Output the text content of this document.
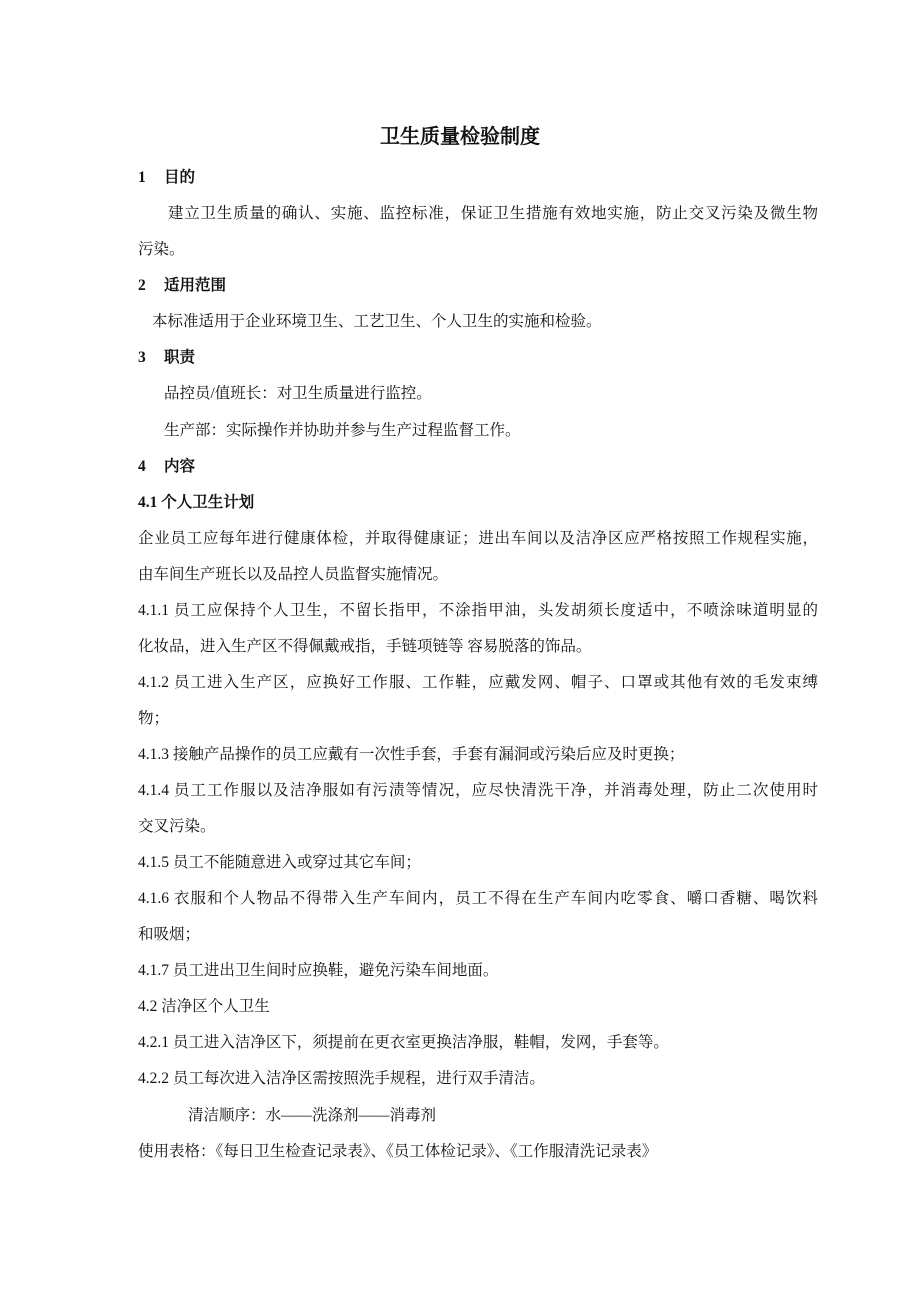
卫生质量检验制度
1 目的
建立卫生质量的确认、实施、监控标准，保证卫生措施有效地实施，防止交叉污染及微生物
污染。
2 适用范围
本标准适用于企业环境卫生、工艺卫生、个人卫生的实施和检验。
3 职责
品控员/值班长：对卫生质量进行监控。
生产部：实际操作并协助并参与生产过程监督工作。
4 内容
4.1 个人卫生计划
企业员工应每年进行健康体检，并取得健康证；进出车间以及洁净区应严格按照工作规程实施，
由车间生产班长以及品控人员监督实施情况。
4.1.1 员工应保持个人卫生，不留长指甲，不涂指甲油，头发胡须长度适中，不喷涂味道明显的
化妆品，进入生产区不得佩戴戒指，手链项链等 容易脱落的饰品。
4.1.2 员工进入生产区，应换好工作服、工作鞋，应戴发网、帽子、口罩或其他有效的毛发束缚
物；
4.1.3 接触产品操作的员工应戴有一次性手套，手套有漏洞或污染后应及时更换；
4.1.4 员工工作服以及洁净服如有污渍等情况，应尽快清洗干净，并消毒处理，防止二次使用时
交叉污染。
4.1.5 员工不能随意进入或穿过其它车间；
4.1.6 衣服和个人物品不得带入生产车间内，员工不得在生产车间内吃零食、嚼口香糖、喝饮料
和吸烟；
4.1.7 员工进出卫生间时应换鞋，避免污染车间地面。
4.2 洁净区个人卫生
4.2.1 员工进入洁净区下，须提前在更衣室更换洁净服，鞋帽，发网，手套等。
4.2.2 员工每次进入洁净区需按照洗手规程，进行双手清洁。
清洁顺序：水——洗涤剂——消毒剂
使用表格：《每日卫生检查记录表》、《员工体检记录》、《工作服清洗记录表》
